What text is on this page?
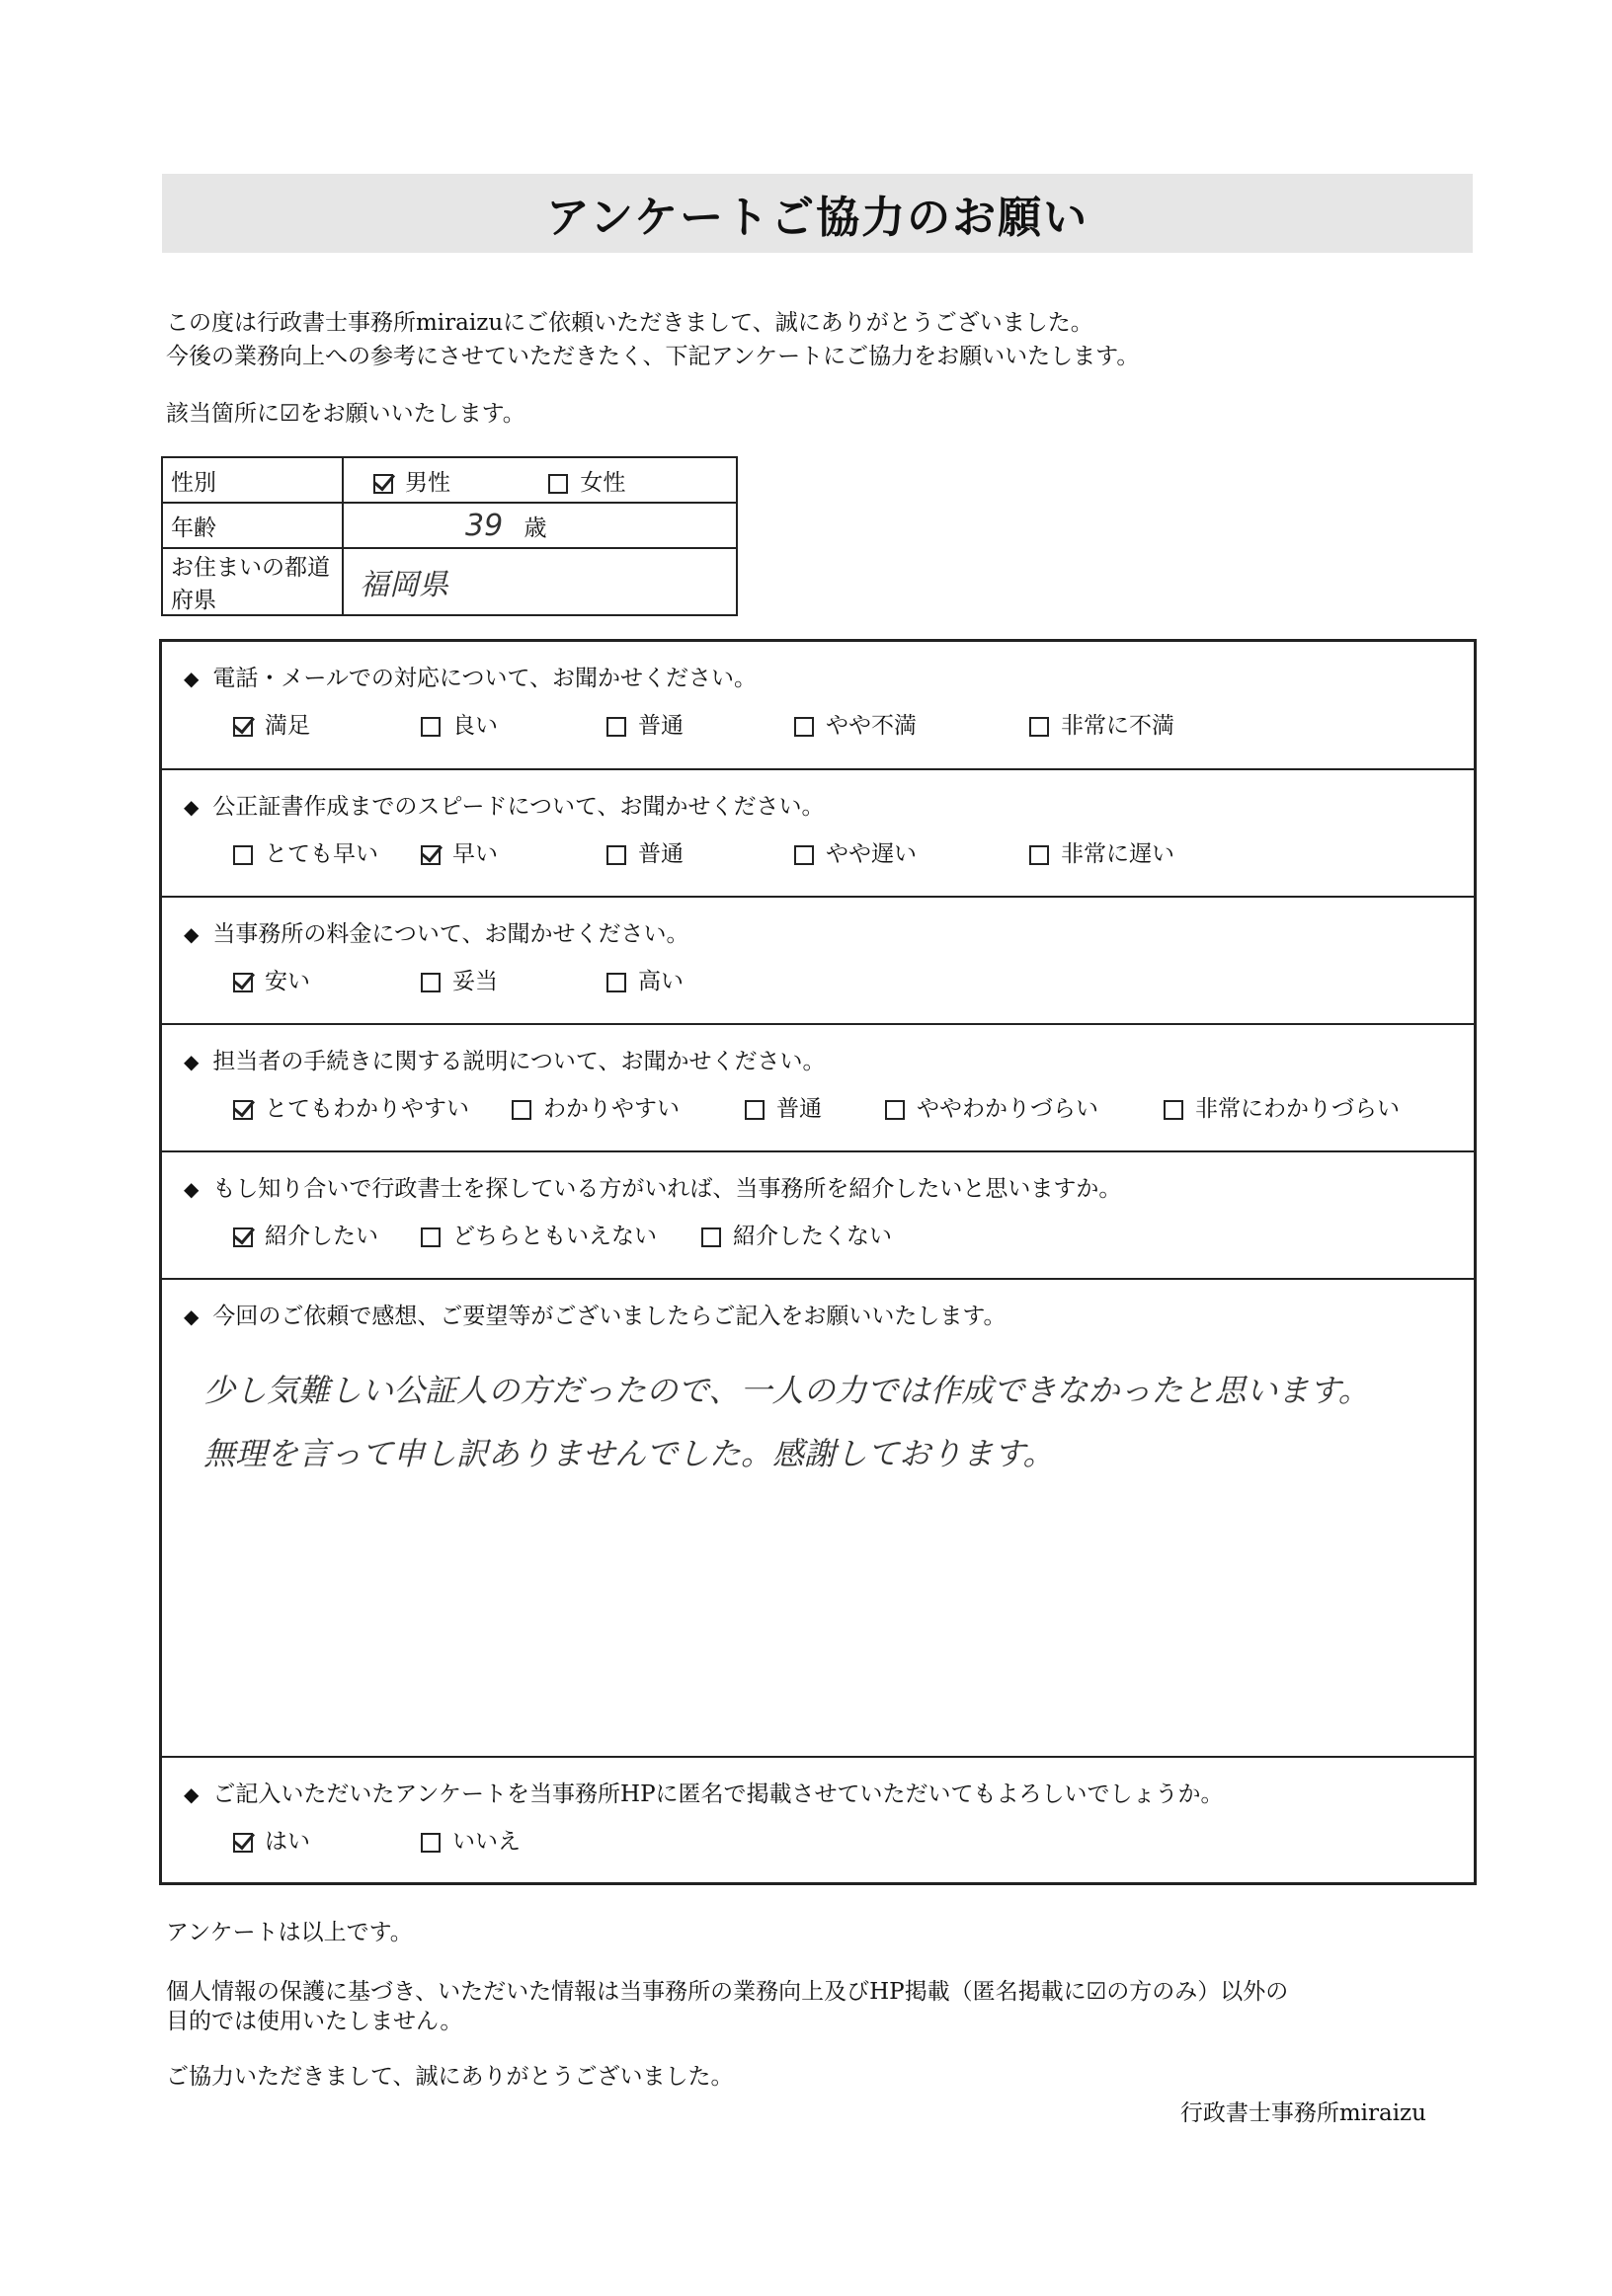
アンケートご協力のお願い
この度は行政書士事務所miraizuにご依頼いただきまして、誠にありがとうございました。
今後の業務向上への参考にさせていただきたく、下記アンケートにご協力をお願いいたします。
該当箇所に☑をお願いいたします。
性別	男性 女性
年齢	39 歳
お住まいの都道府県	福岡県
◆ 電話・メールでの対応について、お聞かせください。
満足	良い	普通	やや不満	非常に不満
◆ 公正証書作成までのスピードについて、お聞かせください。
とても早い	早い	普通	やや遅い	非常に遅い
◆ 当事務所の料金について、お聞かせください。
安い	妥当	高い
◆ 担当者の手続きに関する説明について、お聞かせください。
とてもわかりやすい	わかりやすい	普通	ややわかりづらい	非常にわかりづらい
◆ もし知り合いで行政書士を探している方がいれば、当事務所を紹介したいと思いますか。
紹介したい	どちらともいえない	紹介したくない
◆ 今回のご依頼で感想、ご要望等がございましたらご記入をお願いいたします。
少し気難しい公証人の方だったので、一人の力では作成できなかったと思います。
無理を言って申し訳ありませんでした。感謝しております。
◆ ご記入いただいたアンケートを当事務所HPに匿名で掲載させていただいてもよろしいでしょうか。
はい	いいえ
アンケートは以上です。
個人情報の保護に基づき、いただいた情報は当事務所の業務向上及びHP掲載（匿名掲載に☑の方のみ）以外の
目的では使用いたしません。
ご協力いただきまして、誠にありがとうございました。
行政書士事務所miraizu
